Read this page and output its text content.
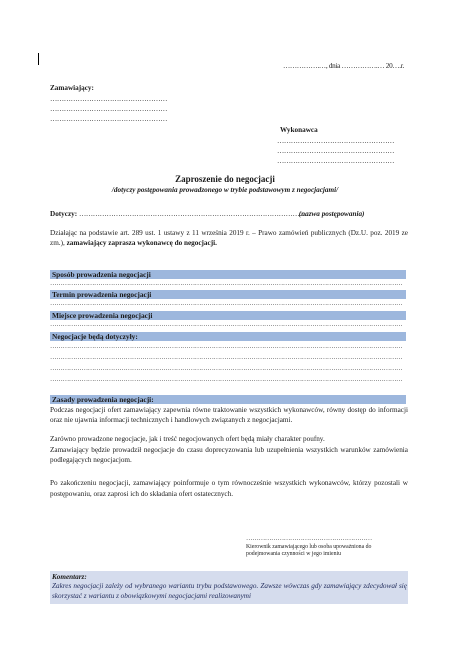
…………….…, dnia …………….… 20….r.
Zamawiający:
……………………………………………
……………………………………………
……………………………………………
Wykonawca
……………………………………………
……………………………………………
……………………………………………
Zaproszenie do negocjacji
/dotyczy postępowania prowadzonego w trybie podstawowym z negocjacjami/
Dotyczy: ……………………………………………………………………………………… (nazwa postępowania)
Działając na podstawie art. 289 ust. 1 ustawy z 11 września 2019 r. – Prawo zamówień publicznych (Dz.U. poz. 2019 ze zm.), zamawiający zaprasza wykonawcę do negocjacji.
Sposób prowadzenia negocjacji
……………………………………………………………………………………………………………………………………………………
Termin prowadzenia negocjacji
……………………………………………………………………………………………………………………………………………………
Miejsce prowadzenia negocjacji
……………………………………………………………………………………………………………………………………………………
Negocjacje będą dotyczyły:
……………………………………………………………………………………………………………………………………………………
……………………………………………………………………………………………………………………………………………………
……………………………………………………………………………………………………………………………………………………
……………………………………………………………………………………………………………………………………………………
Zasady prowadzenia negocjacji:
Podczas negocjacji ofert zamawiający zapewnia równe traktowanie wszystkich wykonawców, równy dostęp do informacji oraz nie ujawnia informacji technicznych i handlowych związanych z negocjacjami.
Zarówno prowadzone negocjacje, jak i treść negocjowanych ofert będą miały charakter poufny.
Zamawiający będzie prowadził negocjacje do czasu doprecyzowania lub uzupełnienia wszystkich warunków zamówienia podlegających negocjacjom.
Po zakończeniu negocjacji, zamawiający poinformuje o tym równocześnie wszystkich wykonawców, którzy pozostali w postępowaniu, oraz zaprosi ich do składania ofert ostatecznych.
……………………………………………………
Kierownik zamawiającego lub osoba upoważniona do
podejmowania czynności w jego imieniu
Komentarz:
Zakres negocjacji zależy od wybranego wariantu trybu podstawowego. Zawsze wówczas gdy zamawiający zdecydował się skorzystać z wariantu z obowiązkowymi negocjacjami realizowanymi
